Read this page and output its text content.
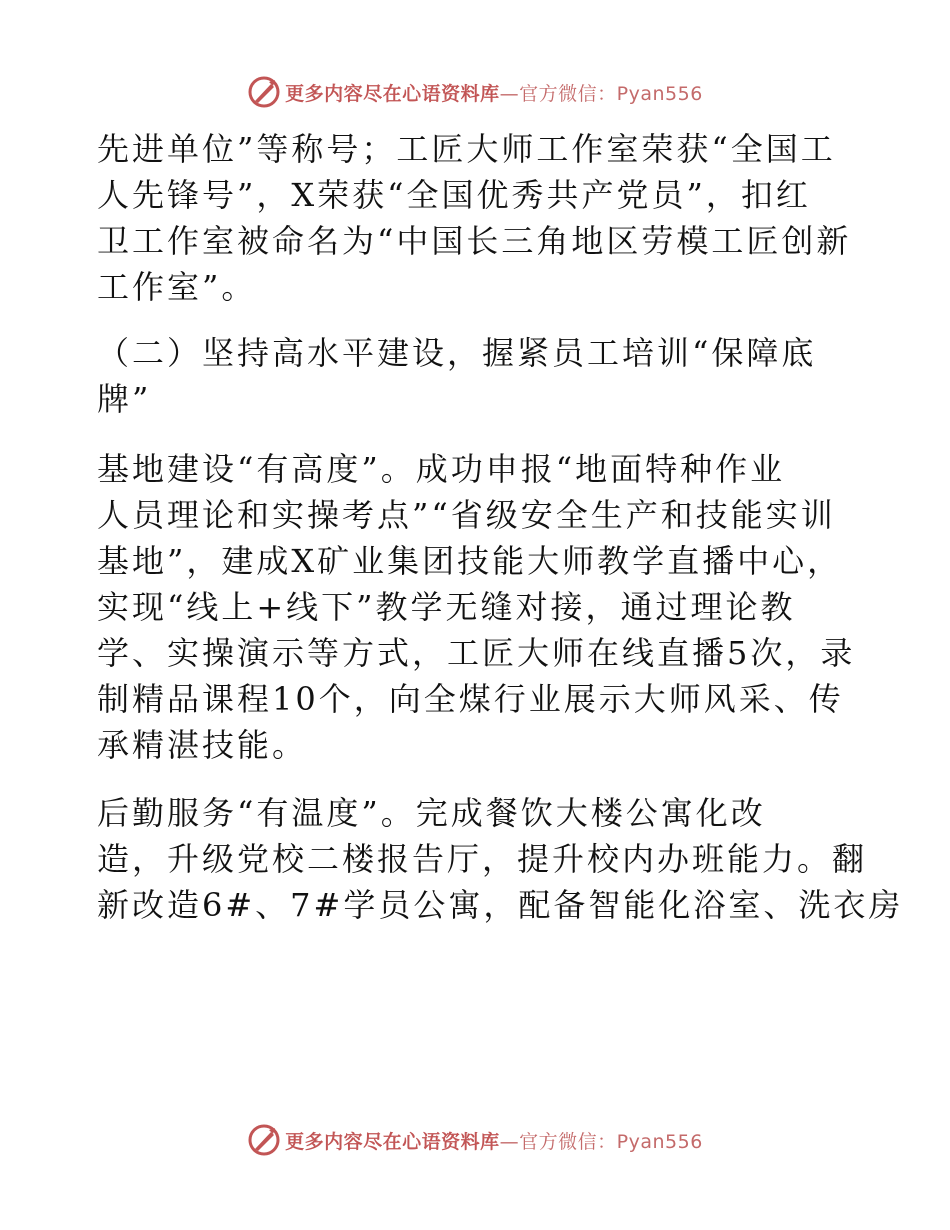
更多内容尽在心语资料库—官方微信：Pyan556

先进单位”等称号；工匠大师工作室荣获“全国工
人先锋号”，X荣获“全国优秀共产党员”，扣红
卫工作室被命名为“中国长三角地区劳模工匠创新
工作室”。

（二）坚持高水平建设，握紧员工培训“保障底
牌”

基地建设“有高度”。成功申报“地面特种作业
人员理论和实操考点”“省级安全生产和技能实训
基地”，建成X矿业集团技能大师教学直播中心，
实现“线上+线下”教学无缝对接，通过理论教
学、实操演示等方式，工匠大师在线直播5次，录
制精品课程10个，向全煤行业展示大师风采、传
承精湛技能。

后勤服务“有温度”。完成餐饮大楼公寓化改
造，升级党校二楼报告厅，提升校内办班能力。翻
新改造6#、7#学员公寓，配备智能化浴室、洗衣房

更多内容尽在心语资料库—官方微信：Pyan556
